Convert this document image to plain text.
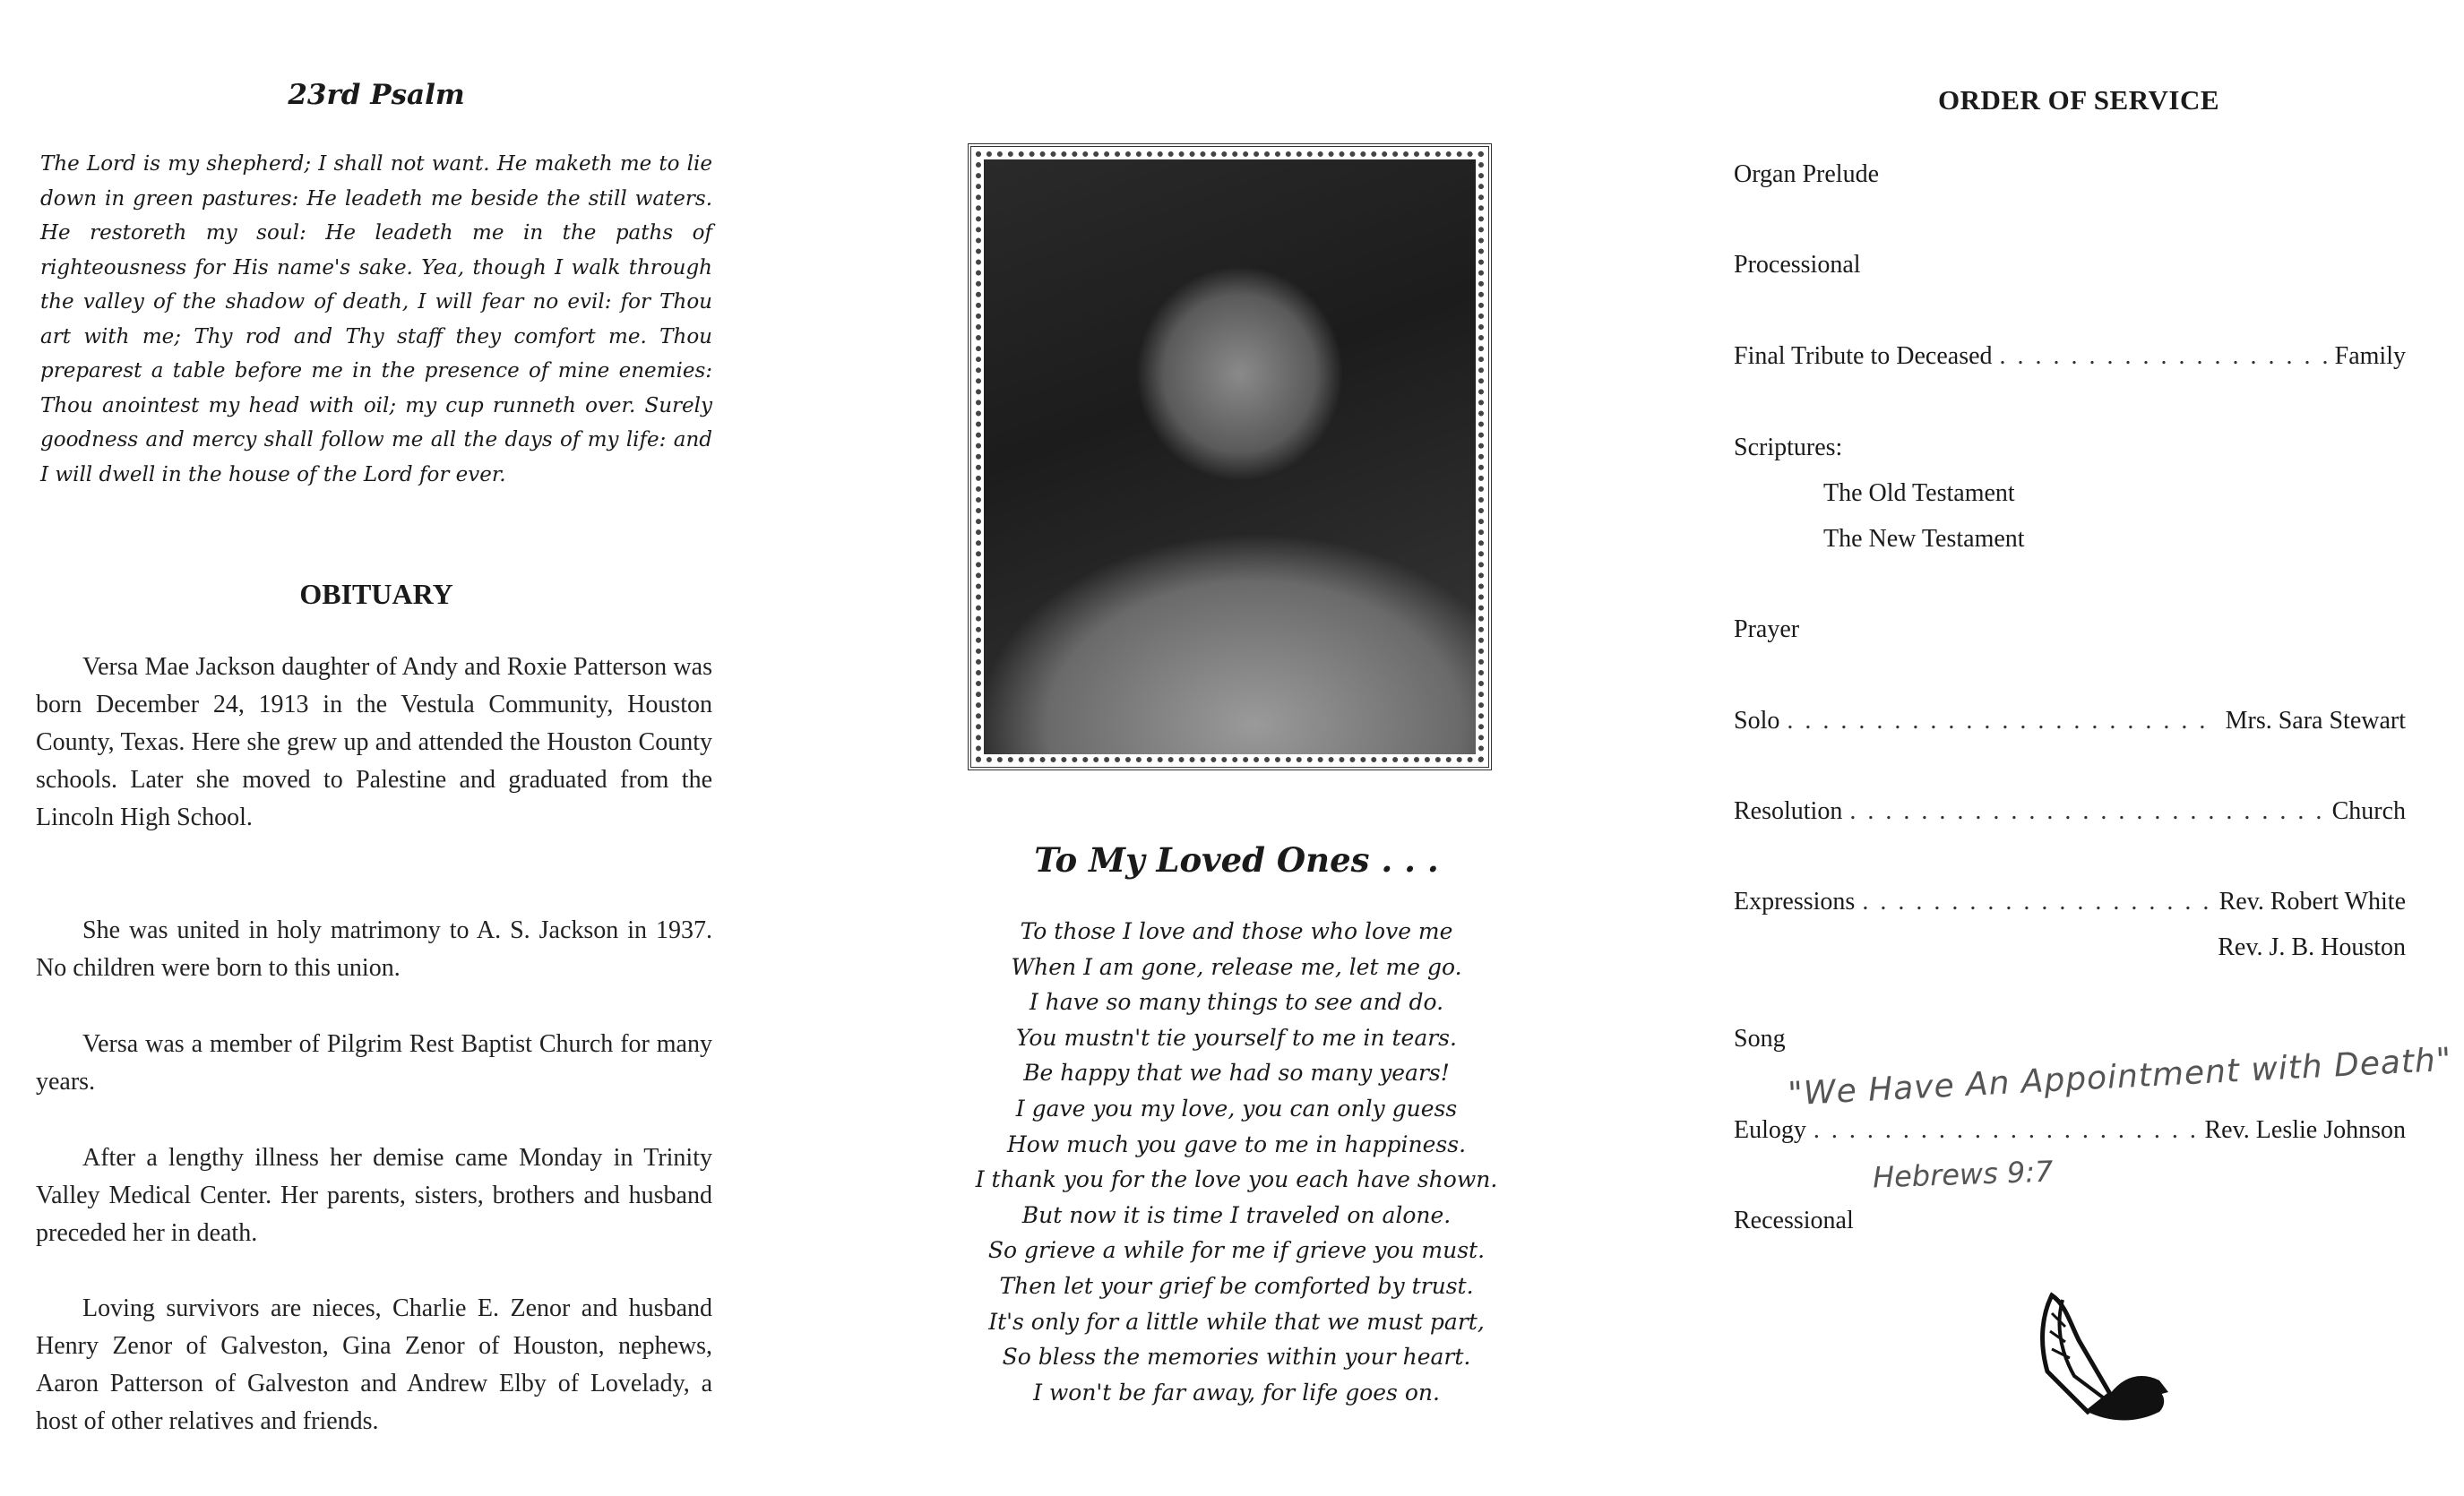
23rd Psalm

The Lord is my shepherd; I shall not want. He maketh me to lie down in green pastures: He leadeth me beside the still waters. He restoreth my soul: He leadeth me in the paths of righteousness for His name's sake. Yea, though I walk through the valley of the shadow of death, I will fear no evil: for Thou art with me; Thy rod and Thy staff they comfort me. Thou preparest a table before me in the presence of mine enemies: Thou anointest my head with oil; my cup runneth over. Surely goodness and mercy shall follow me all the days of my life: and I will dwell in the house of the Lord for ever.

OBITUARY

Versa Mae Jackson daughter of Andy and Roxie Patterson was born December 24, 1913 in the Vestula Community, Houston County, Texas. Here she grew up and attended the Houston County schools. Later she moved to Palestine and graduated from the Lincoln High School.

She was united in holy matrimony to A. S. Jackson in 1937. No children were born to this union.

Versa was a member of Pilgrim Rest Baptist Church for many years.

After a lengthy illness her demise came Monday in Trinity Valley Medical Center. Her parents, sisters, brothers and husband preceded her in death.

Loving survivors are nieces, Charlie E. Zenor and husband Henry Zenor of Galveston, Gina Zenor of Houston, nephews, Aaron Patterson of Galveston and Andrew Elby of Lovelady, a host of other relatives and friends.

To My Loved Ones . . .
To those I love and those who love me
When I am gone, release me, let me go.
I have so many things to see and do.
You mustn't tie yourself to me in tears.
Be happy that we had so many years!
I gave you my love, you can only guess
How much you gave to me in happiness.
I thank you for the love you each have shown.
But now it is time I traveled on alone.
So grieve a while for me if grieve you must.
Then let your grief be comforted by trust.
It's only for a little while that we must part,
So bless the memories within your heart.
I won't be far away, for life goes on.
ORDER OF SERVICE
Organ Prelude
Processional
Final Tribute to Deceased . . .	Family
Scriptures:
The Old Testament
The New Testament
Prayer
Solo . . .	Mrs. Sara Stewart
Resolution . . .	Church
Expressions . . .	Rev. Robert White
Rev. J. B. Houston
Song
"We Have An Appointment with Death"
Eulogy . . .	Rev. Leslie Johnson
Hebrews 9:7
Recessional
